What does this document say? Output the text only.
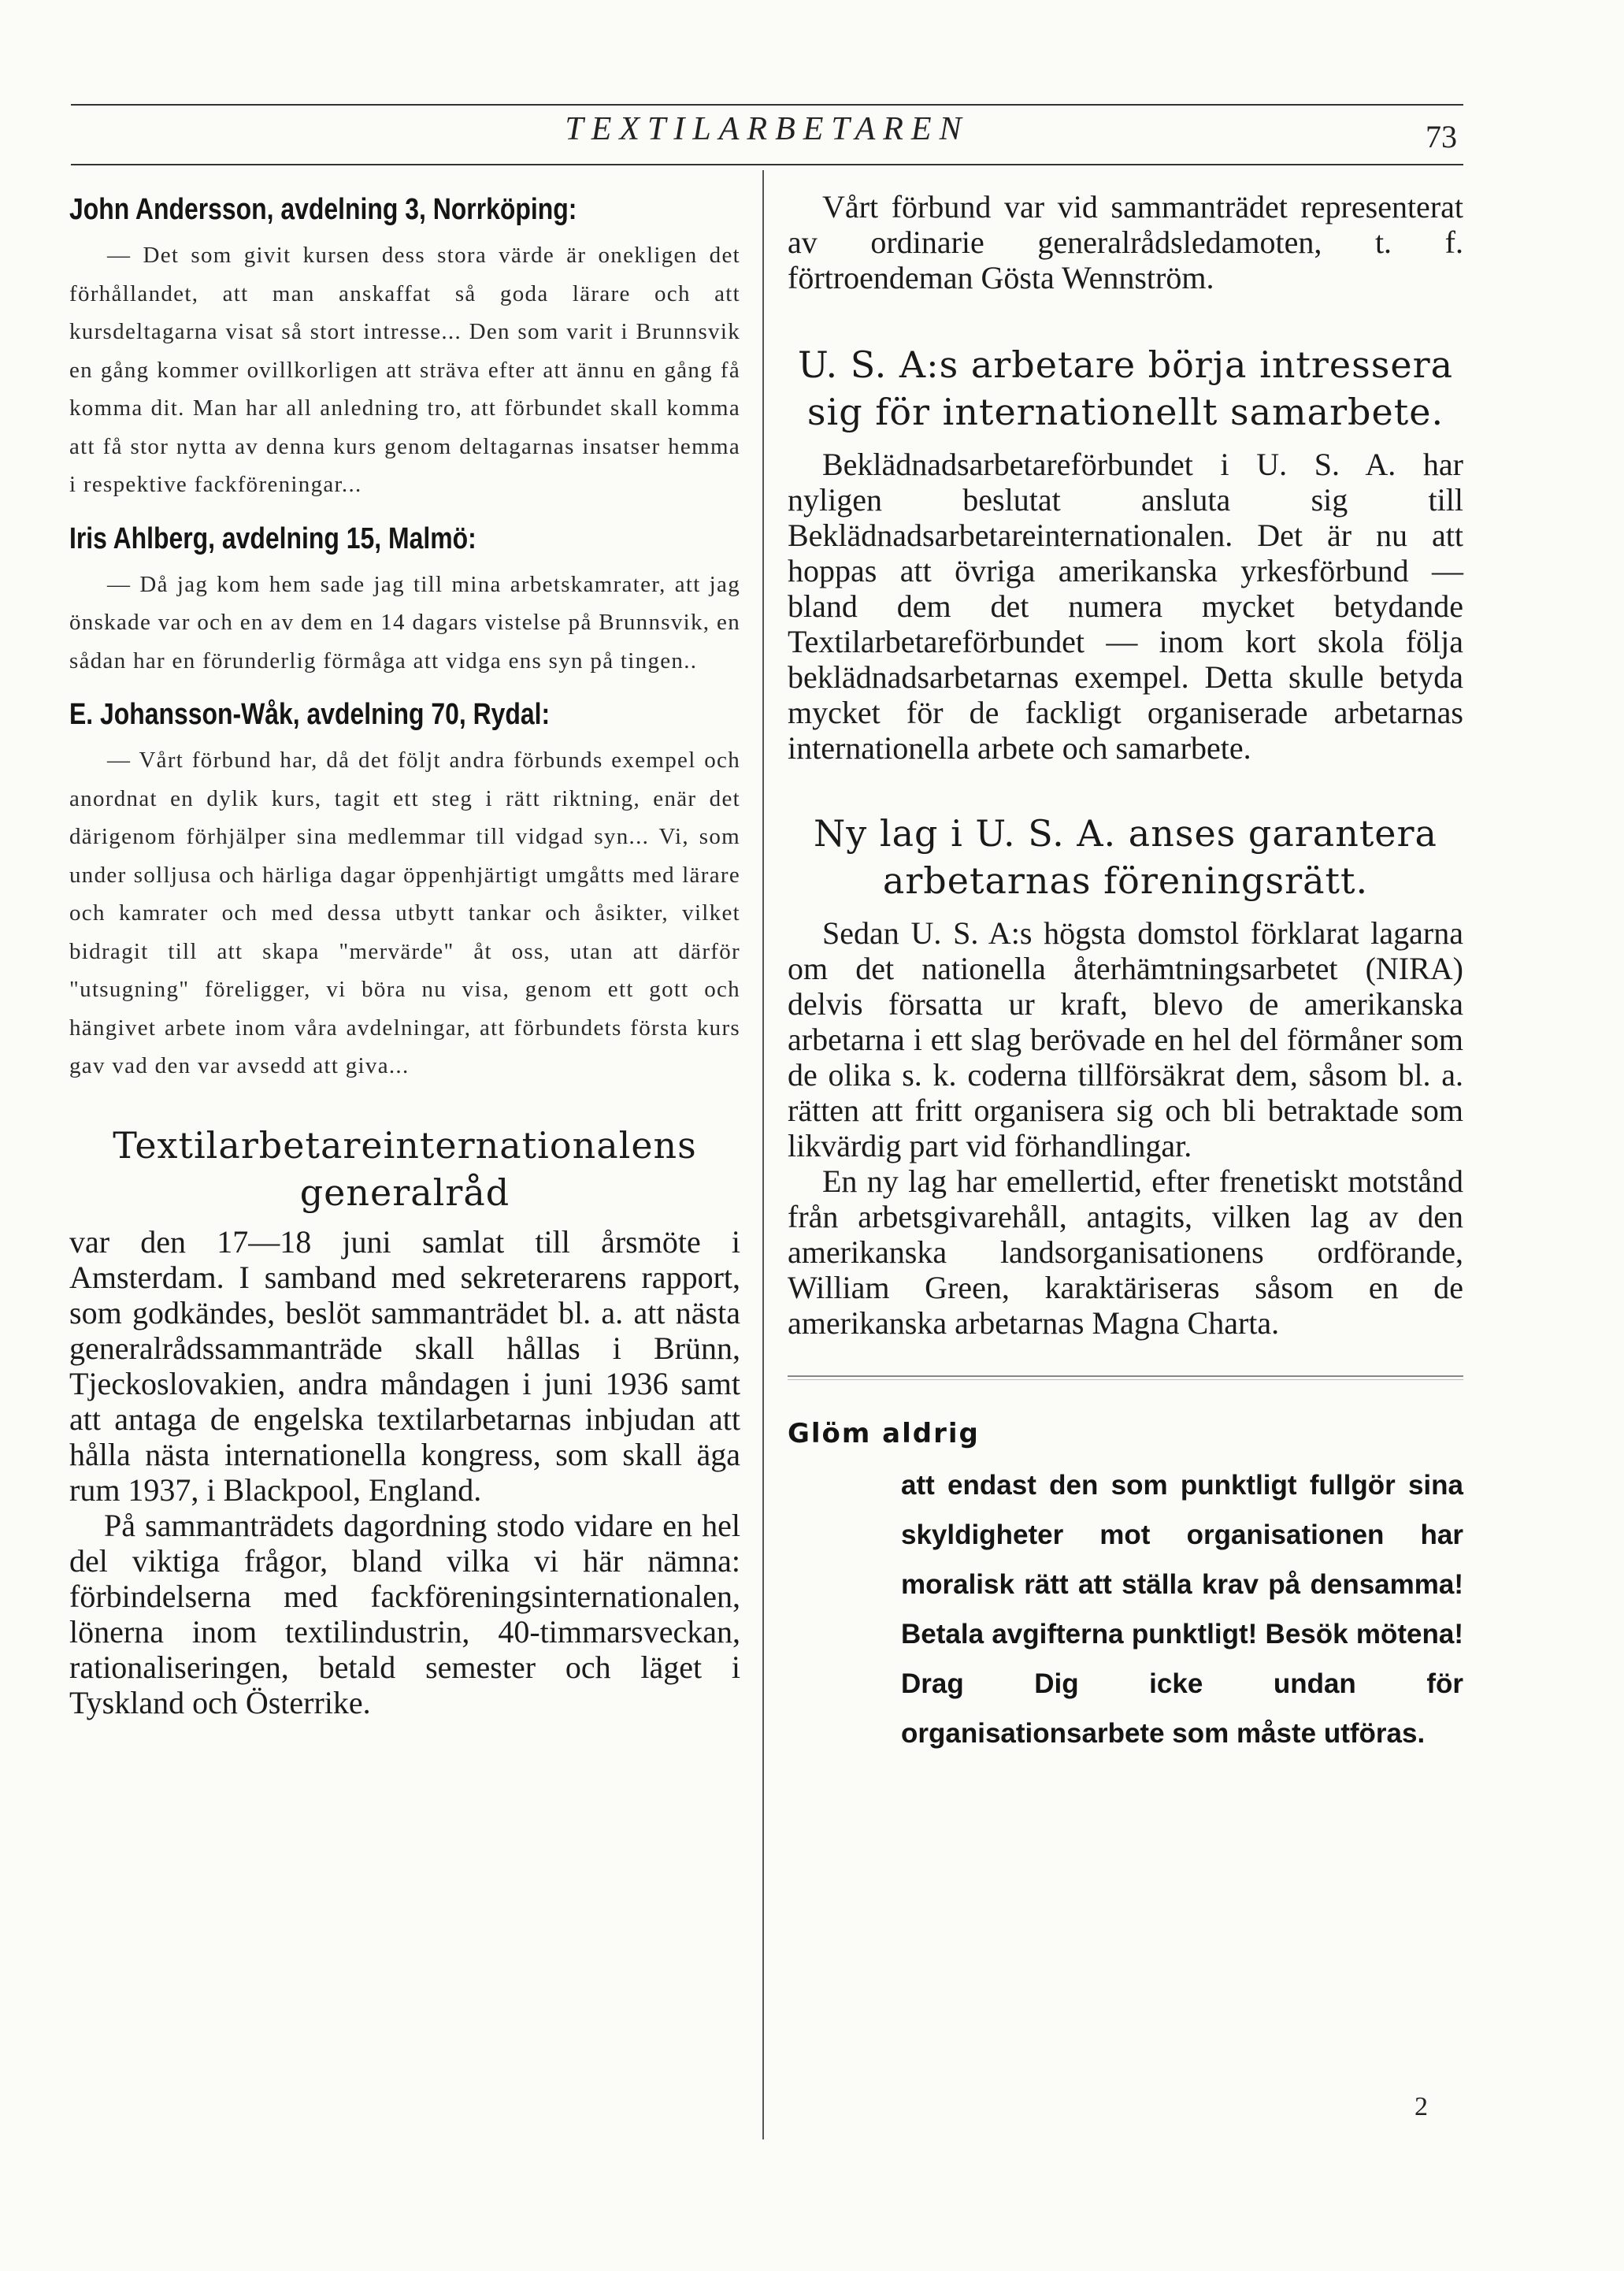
TEXTILARBETAREN	73
John Andersson, avdelning 3, Norrköping:

— Det som givit kursen dess stora värde är onekligen det förhållandet, att man anskaffat så goda lärare och att kursdeltagarna visat så stort intresse... Den som varit i Brunnsvik en gång kommer ovillkorligen att sträva efter att ännu en gång få komma dit. Man har all anledning tro, att förbundet skall komma att få stor nytta av denna kurs genom deltagarnas insatser hemma i respektive fackföreningar...

Iris Ahlberg, avdelning 15, Malmö:

— Då jag kom hem sade jag till mina arbetskamrater, att jag önskade var och en av dem en 14 dagars vistelse på Brunnsvik, en sådan har en förunderlig förmåga att vidga ens syn på tingen..

E. Johansson-Wåk, avdelning 70, Rydal:

— Vårt förbund har, då det följt andra förbunds exempel och anordnat en dylik kurs, tagit ett steg i rätt riktning, enär det därigenom förhjälper sina medlemmar till vidgad syn... Vi, som under solljusa och härliga dagar öppenhjärtigt umgåtts med lärare och kamrater och med dessa utbytt tankar och åsikter, vilket bidragit till att skapa "mervärde" åt oss, utan att därför "utsugning" föreligger, vi böra nu visa, genom ett gott och hängivet arbete inom våra avdelningar, att förbundets första kurs gav vad den var avsedd att giva...

Textilarbetareinternationalens
generalråd

var den 17—18 juni samlat till årsmöte i Amsterdam. I samband med sekreterarens rapport, som godkändes, beslöt sammanträdet bl. a. att nästa generalrådssammanträde skall hållas i Brünn, Tjeckoslovakien, andra måndagen i juni 1936 samt att antaga de engelska textilarbetarnas inbjudan att hålla nästa internationella kongress, som skall äga rum 1937, i Blackpool, England.

På sammanträdets dagordning stodo vidare en hel del viktiga frågor, bland vilka vi här nämna: förbindelserna med fackföreningsinternationalen, lönerna inom textilindustrin, 40-timmarsveckan, rationaliseringen, betald semester och läget i Tyskland och Österrike.

Vårt förbund var vid sammanträdet representerat av ordinarie generalrådsledamoten, t. f. förtroendeman Gösta Wennström.

U. S. A:s arbetare börja intressera
sig för internationellt samarbete.

Beklädnadsarbetareförbundet i U. S. A. har nyligen beslutat ansluta sig till Beklädnadsarbetareinternationalen. Det är nu att hoppas att övriga amerikanska yrkesförbund — bland dem det numera mycket betydande Textilarbetareförbundet — inom kort skola följa beklädnadsarbetarnas exempel. Detta skulle betyda mycket för de fackligt organiserade arbetarnas internationella arbete och samarbete.

Ny lag i U. S. A. anses garantera
arbetarnas föreningsrätt.

Sedan U. S. A:s högsta domstol förklarat lagarna om det nationella återhämtningsarbetet (NIRA) delvis försatta ur kraft, blevo de amerikanska arbetarna i ett slag berövade en hel del förmåner som de olika s. k. coderna tillförsäkrat dem, såsom bl. a. rätten att fritt organisera sig och bli betraktade som likvärdig part vid förhandlingar.

En ny lag har emellertid, efter frenetiskt motstånd från arbetsgivarehåll, antagits, vilken lag av den amerikanska landsorganisationens ordförande, William Green, karaktäriseras såsom en de amerikanska arbetarnas Magna Charta.

Glöm aldrig

att endast den som punktligt fullgör sina skyldigheter mot organisationen har moralisk rätt att ställa krav på densamma! Betala avgifterna punktligt! Besök mötena! Drag Dig icke undan för organisationsarbete som måste utföras.

2
